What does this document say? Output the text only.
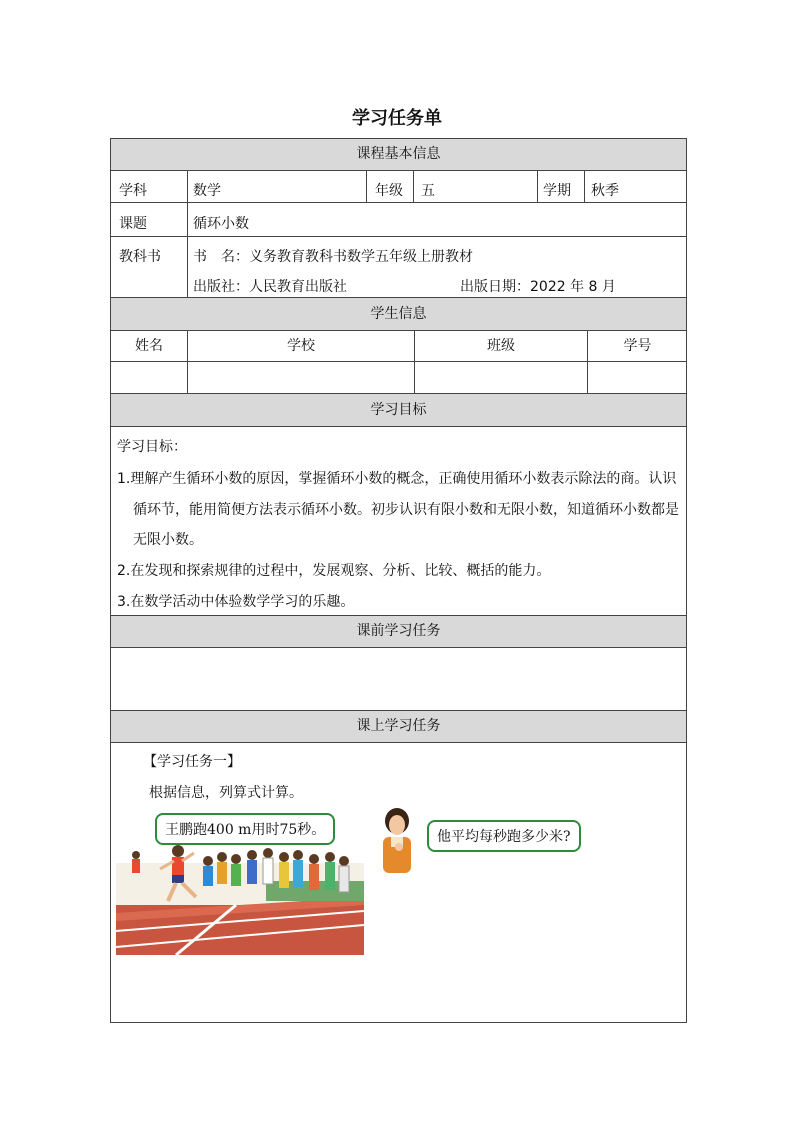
学习任务单
课程基本信息
学科	数学	年级 五	学期 秋季
课题	循环小数
教科书 书　名：义务教育教科书数学五年级上册教材
出版社：人民教育出版社	出版日期：2022 年 8 月
学生信息
姓名	学校	班级	学号
学习目标
学习目标：
1.理解产生循环小数的原因，掌握循环小数的概念，正确使用循环小数表示除法的商。认识
循环节，能用简便方法表示循环小数。初步认识有限小数和无限小数，知道循环小数都是
无限小数。
2.在发现和探索规律的过程中，发展观察、分析、比较、概括的能力。
3.在数学活动中体验数学学习的乐趣。
课前学习任务
课上学习任务
【学习任务一】
根据信息，列算式计算。
王鹏跑400 m用时75秒。	他平均每秒跑多少米?
